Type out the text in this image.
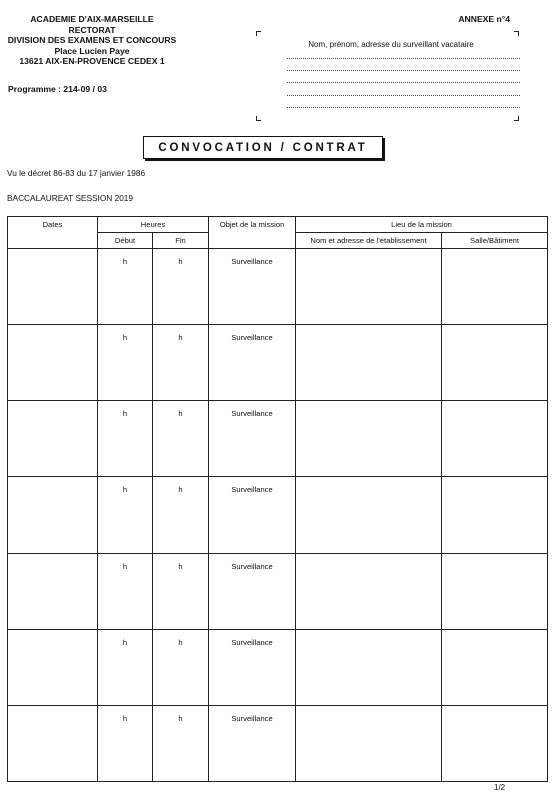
ACADEMIE D'AIX-MARSEILLE
RECTORAT
DIVISION DES EXAMENS ET CONCOURS
Place Lucien Paye
13621 AIX-EN-PROVENCE CEDEX 1
Programme : 214-09 / 03
ANNEXE n°4
Nom, prénom, adresse du surveillant vacataire
CONVOCATION / CONTRAT
Vu le décret 86-83 du 17 janvier 1986
BACCALAUREAT SESSION 2019
Dates	Heures		Objet de la mission	Lieu de la mission	
	Début	Fin		Nom et adresse de l'établissement	Salle/Bâtiment
	h	h	Surveillance		
	h	h	Surveillance		
	h	h	Surveillance		
	h	h	Surveillance		
	h	h	Surveillance		
	h	h	Surveillance		
	h	h	Surveillance		
1/2
